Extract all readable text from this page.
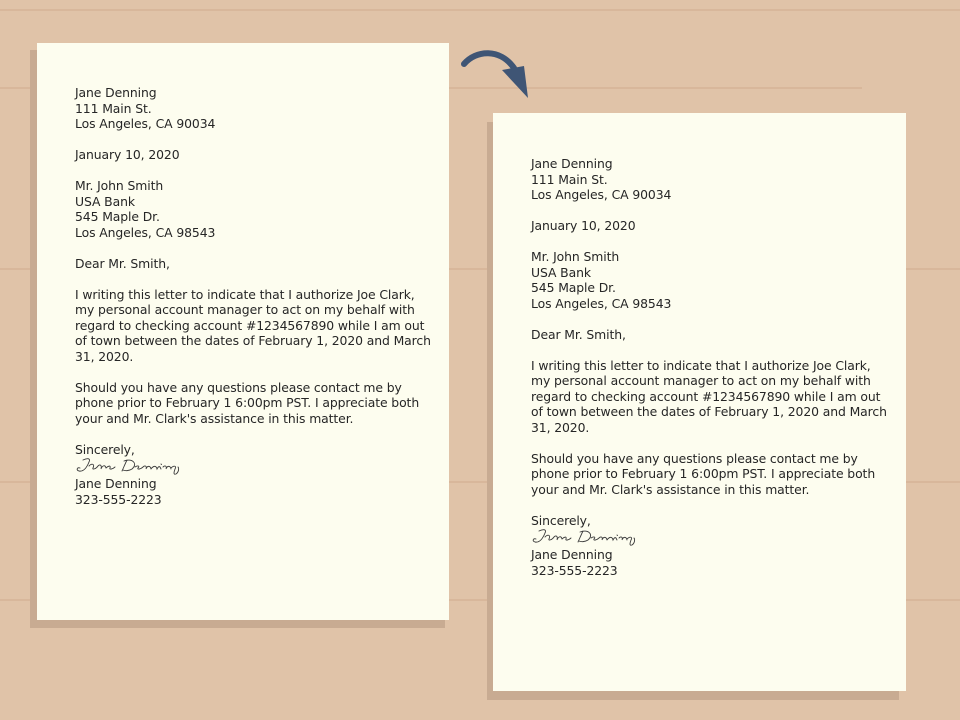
Jane Denning
111 Main St.
Los Angeles, CA 90034
January 10, 2020
Mr. John Smith
USA Bank
545 Maple Dr.
Los Angeles, CA 98543
Dear Mr. Smith,
I writing this letter to indicate that I authorize Joe Clark,
my personal account manager to act on my behalf with
regard to checking account #1234567890 while I am out
of town between the dates of February 1, 2020 and March
31, 2020.
Should you have any questions please contact me by
phone prior to February 1 6:00pm PST. I appreciate both
your and Mr. Clark's assistance in this matter.
Sincerely,
Jane Denning
323-555-2223
Jane Denning
111 Main St.
Los Angeles, CA 90034
January 10, 2020
Mr. John Smith
USA Bank
545 Maple Dr.
Los Angeles, CA 98543
Dear Mr. Smith,
I writing this letter to indicate that I authorize Joe Clark,
my personal account manager to act on my behalf with
regard to checking account #1234567890 while I am out
of town between the dates of February 1, 2020 and March
31, 2020.
Should you have any questions please contact me by
phone prior to February 1 6:00pm PST. I appreciate both
your and Mr. Clark's assistance in this matter.
Sincerely,
Jane Denning
323-555-2223
